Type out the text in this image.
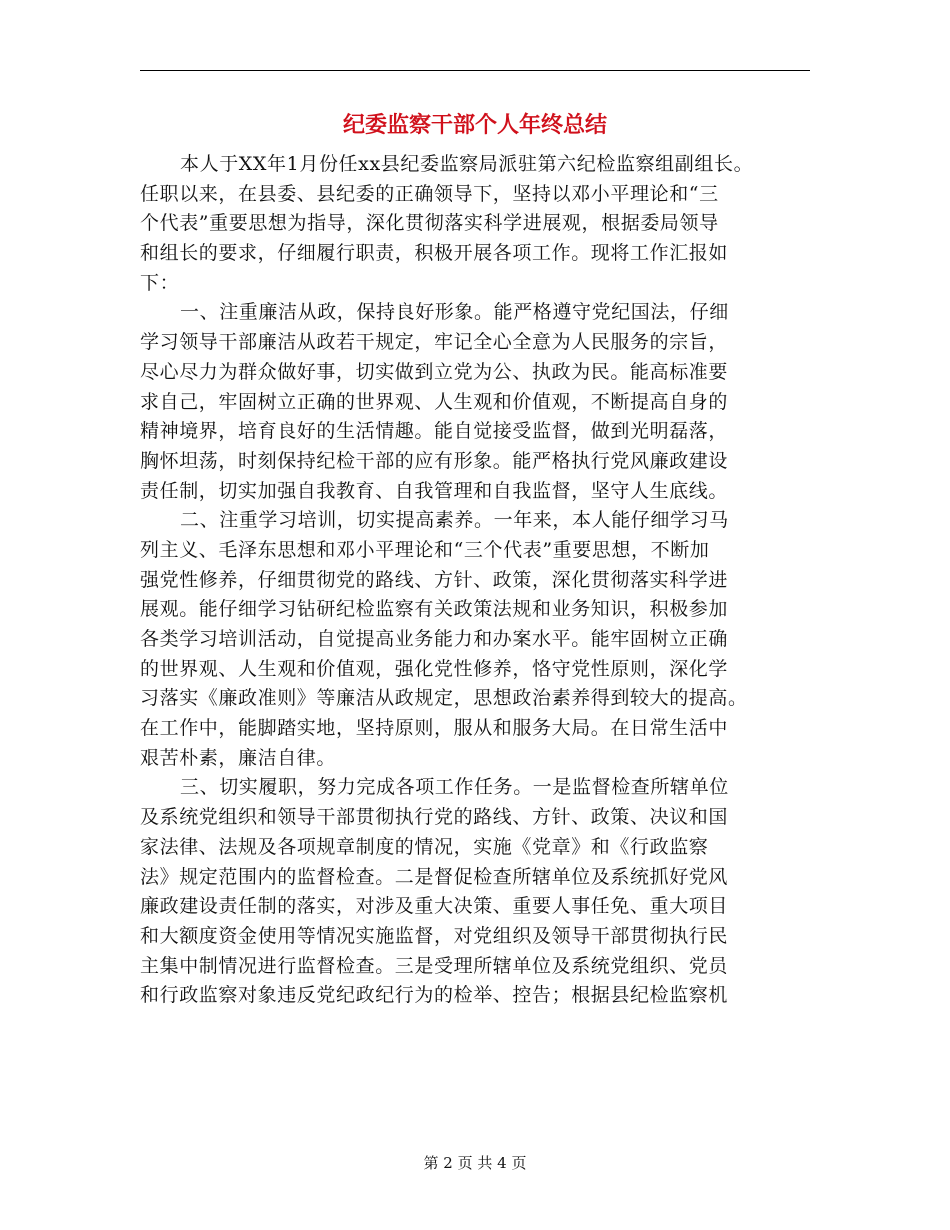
纪委监察干部个人年终总结
本人于XX年1月份任xx县纪委监察局派驻第六纪检监察组副组长。
任职以来，在县委、县纪委的正确领导下，坚持以邓小平理论和“三
个代表”重要思想为指导，深化贯彻落实科学进展观，根据委局领导
和组长的要求，仔细履行职责，积极开展各项工作。现将工作汇报如
下：
一、注重廉洁从政，保持良好形象。能严格遵守党纪国法，仔细
学习领导干部廉洁从政若干规定，牢记全心全意为人民服务的宗旨，
尽心尽力为群众做好事，切实做到立党为公、执政为民。能高标准要
求自己，牢固树立正确的世界观、人生观和价值观，不断提高自身的
精神境界，培育良好的生活情趣。能自觉接受监督，做到光明磊落，
胸怀坦荡，时刻保持纪检干部的应有形象。能严格执行党风廉政建设
责任制，切实加强自我教育、自我管理和自我监督，坚守人生底线。
二、注重学习培训，切实提高素养。一年来，本人能仔细学习马
列主义、毛泽东思想和邓小平理论和“三个代表”重要思想，不断加
强党性修养，仔细贯彻党的路线、方针、政策，深化贯彻落实科学进
展观。能仔细学习钻研纪检监察有关政策法规和业务知识，积极参加
各类学习培训活动，自觉提高业务能力和办案水平。能牢固树立正确
的世界观、人生观和价值观，强化党性修养，恪守党性原则，深化学
习落实《廉政准则》等廉洁从政规定，思想政治素养得到较大的提高。
在工作中，能脚踏实地，坚持原则，服从和服务大局。在日常生活中
艰苦朴素，廉洁自律。
三、切实履职，努力完成各项工作任务。一是监督检查所辖单位
及系统党组织和领导干部贯彻执行党的路线、方针、政策、决议和国
家法律、法规及各项规章制度的情况，实施《党章》和《行政监察
法》规定范围内的监督检查。二是督促检查所辖单位及系统抓好党风
廉政建设责任制的落实，对涉及重大决策、重要人事任免、重大项目
和大额度资金使用等情况实施监督，对党组织及领导干部贯彻执行民
主集中制情况进行监督检查。三是受理所辖单位及系统党组织、党员
和行政监察对象违反党纪政纪行为的检举、控告；根据县纪检监察机
第 2 页 共 4 页
